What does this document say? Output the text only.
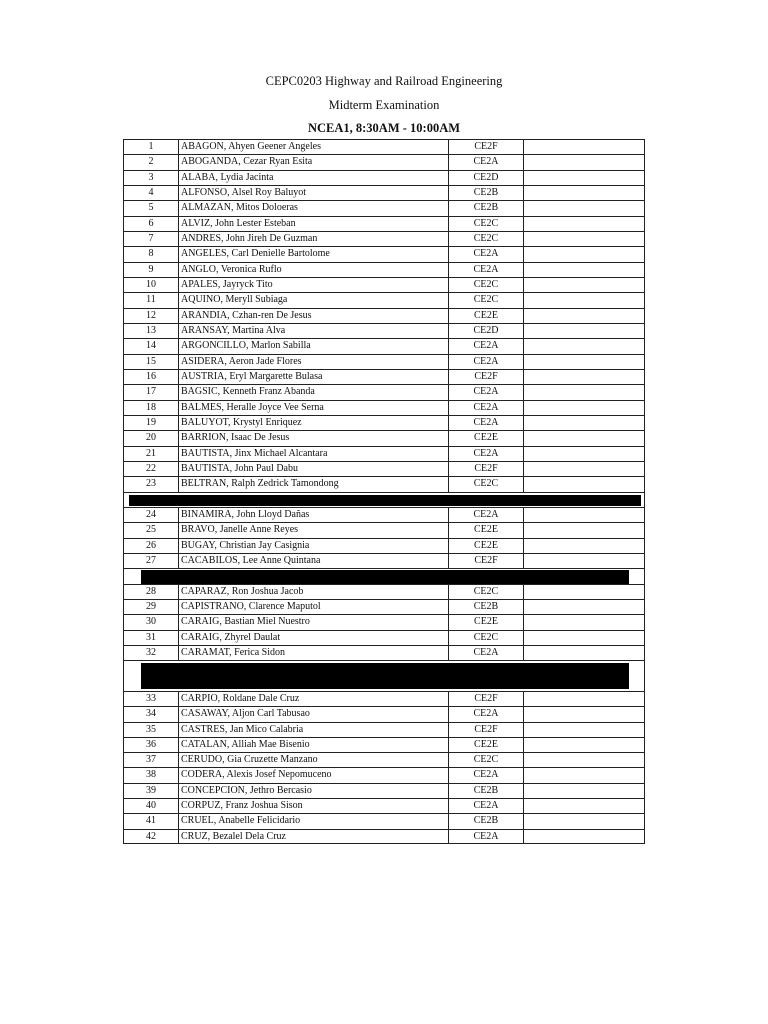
CEPC0203 Highway and Railroad Engineering
Midterm Examination
NCEA1, 8:30AM - 10:00AM
1	ABAGON, Ahyen Geener Angeles	CE2F
2	ABOGANDA, Cezar Ryan Esita	CE2A
3	ALABA, Lydia Jacinta	CE2D
4	ALFONSO, Alsel Roy Baluyot	CE2B
5	ALMAZAN, Mitos Doloeras	CE2B
6	ALVIZ, John Lester Esteban	CE2C
7	ANDRES, John Jireh De Guzman	CE2C
8	ANGELES, Carl Denielle Bartolome	CE2A
9	ANGLO, Veronica Ruflo	CE2A
10	APALES, Jayryck Tito	CE2C
11	AQUINO, Meryll Subiaga	CE2C
12	ARANDIA, Czhan-ren De Jesus	CE2E
13	ARANSAY, Martina Alva	CE2D
14	ARGONCILLO, Marlon Sabilla	CE2A
15	ASIDERA, Aeron Jade Flores	CE2A
16	AUSTRIA, Eryl Margarette Bulasa	CE2F
17	BAGSIC, Kenneth Franz Abanda	CE2A
18	BALMES, Heralle Joyce Vee Serna	CE2A
19	BALUYOT, Krystyl Enriquez	CE2A
20	BARRION, Isaac De Jesus	CE2E
21	BAUTISTA, Jinx Michael Alcantara	CE2A
22	BAUTISTA, John Paul Dabu	CE2F
23	BELTRAN, Ralph Zedrick Tamondong	CE2C
24	BINAMIRA, John Lloyd Dañas	CE2A
25	BRAVO, Janelle Anne Reyes	CE2E
26	BUGAY, Christian Jay Casignia	CE2E
27	CACABILOS, Lee Anne Quintana	CE2F
28	CAPARAZ, Ron Joshua Jacob	CE2C
29	CAPISTRANO, Clarence Maputol	CE2B
30	CARAIG, Bastian Miel Nuestro	CE2E
31	CARAIG, Zhyrel Daulat	CE2C
32	CARAMAT, Ferica Sidon	CE2A
33	CARPIO, Roldane Dale Cruz	CE2F
34	CASAWAY, Aljon Carl Tabusao	CE2A
35	CASTRES, Jan Mico Calabria	CE2F
36	CATALAN, Alliah Mae Bisenio	CE2E
37	CERUDO, Gia Cruzette Manzano	CE2C
38	CODERA, Alexis Josef Nepomuceno	CE2A
39	CONCEPCION, Jethro Bercasio	CE2B
40	CORPUZ, Franz Joshua Sison	CE2A
41	CRUEL, Anabelle Felicidario	CE2B
42	CRUZ, Bezalel Dela Cruz	CE2A
